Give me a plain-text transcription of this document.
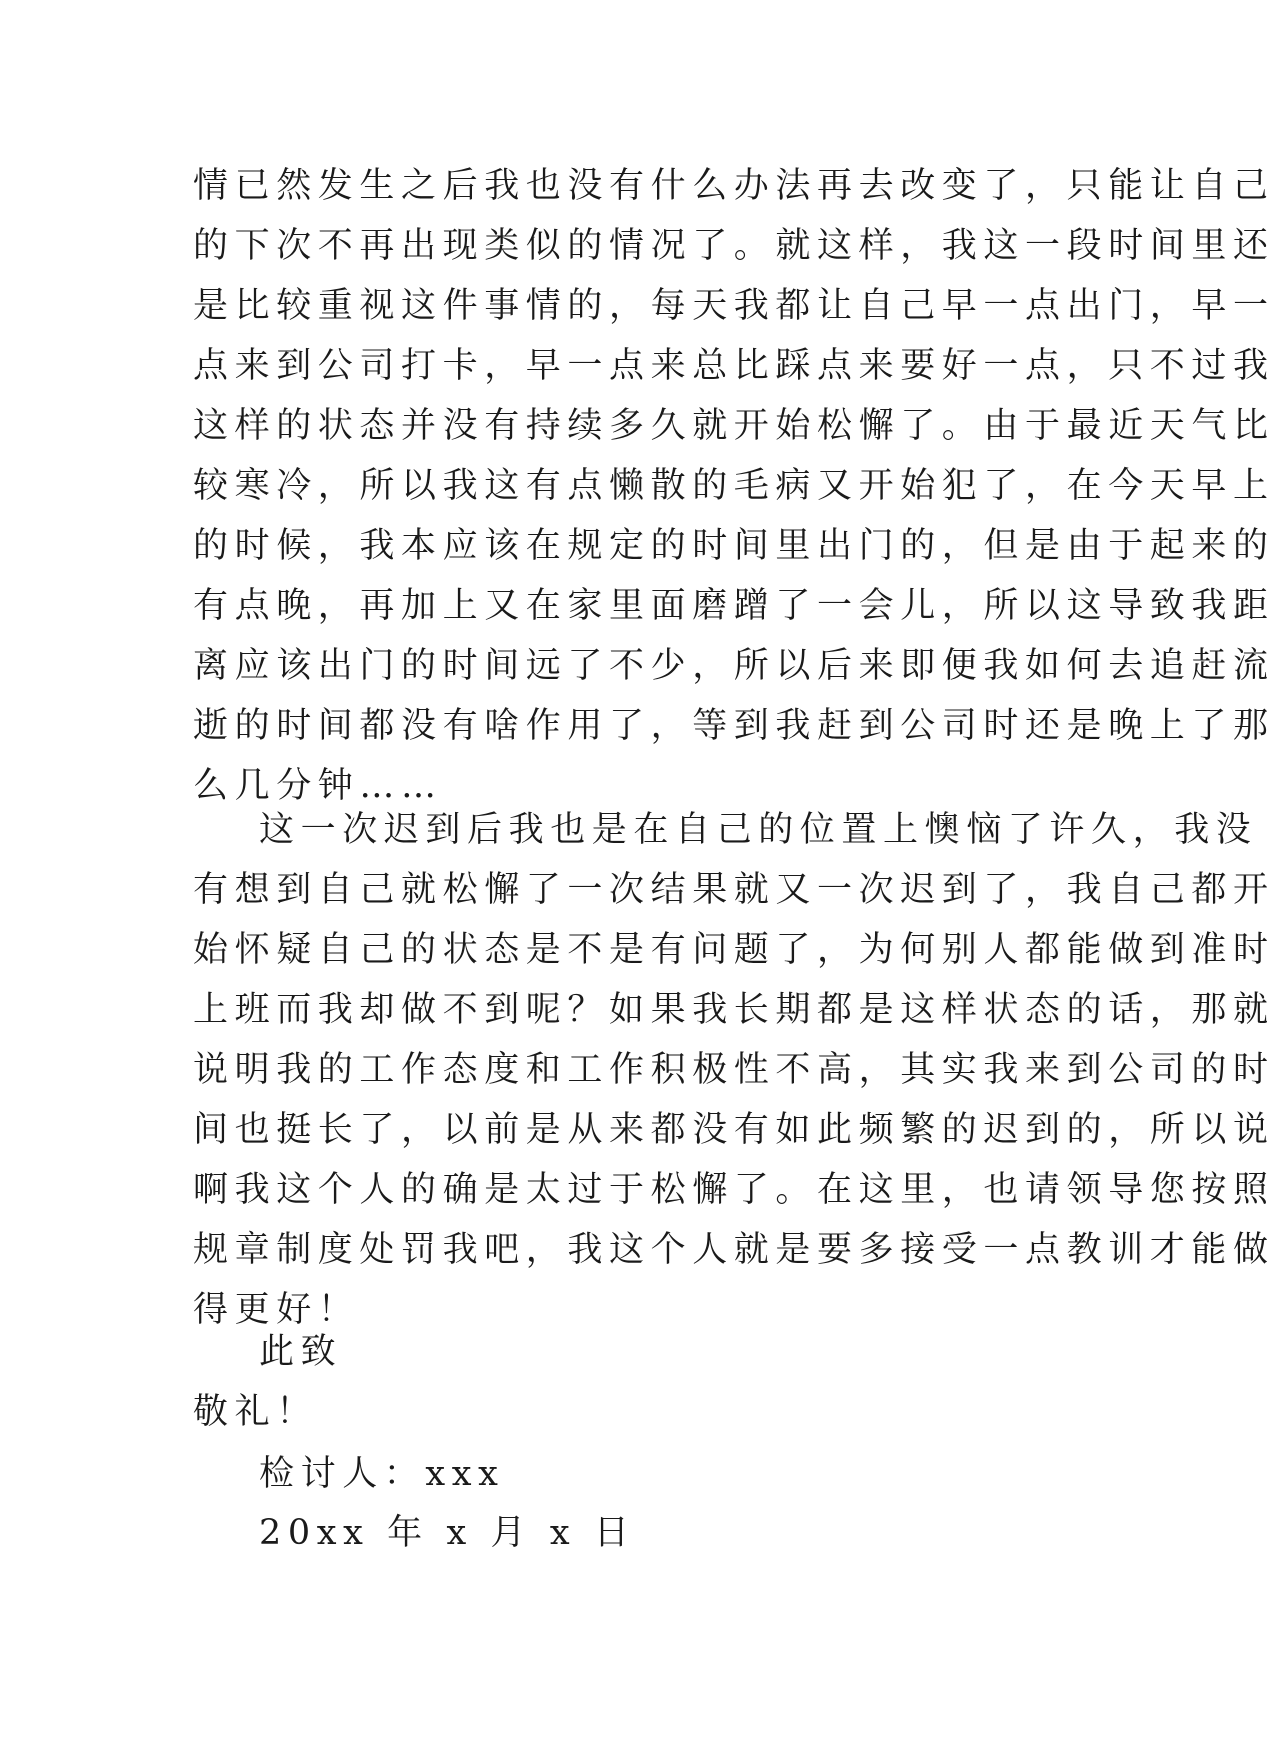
情已然发生之后我也没有什么办法再去改变了，只能让自己
的下次不再出现类似的情况了。就这样，我这一段时间里还
是比较重视这件事情的，每天我都让自己早一点出门，早一
点来到公司打卡，早一点来总比踩点来要好一点，只不过我
这样的状态并没有持续多久就开始松懈了。由于最近天气比
较寒冷，所以我这有点懒散的毛病又开始犯了，在今天早上
的时候，我本应该在规定的时间里出门的，但是由于起来的
有点晚，再加上又在家里面磨蹭了一会儿，所以这导致我距
离应该出门的时间远了不少，所以后来即便我如何去追赶流
逝的时间都没有啥作用了，等到我赶到公司时还是晚上了那
么几分钟……
这一次迟到后我也是在自己的位置上懊恼了许久，我没
有想到自己就松懈了一次结果就又一次迟到了，我自己都开
始怀疑自己的状态是不是有问题了，为何别人都能做到准时
上班而我却做不到呢？如果我长期都是这样状态的话，那就
说明我的工作态度和工作积极性不高，其实我来到公司的时
间也挺长了，以前是从来都没有如此频繁的迟到的，所以说
啊我这个人的确是太过于松懈了。在这里，也请领导您按照
规章制度处罚我吧，我这个人就是要多接受一点教训才能做
得更好！
此致
敬礼！
检讨人：xxx
20xx 年 x 月 x 日
